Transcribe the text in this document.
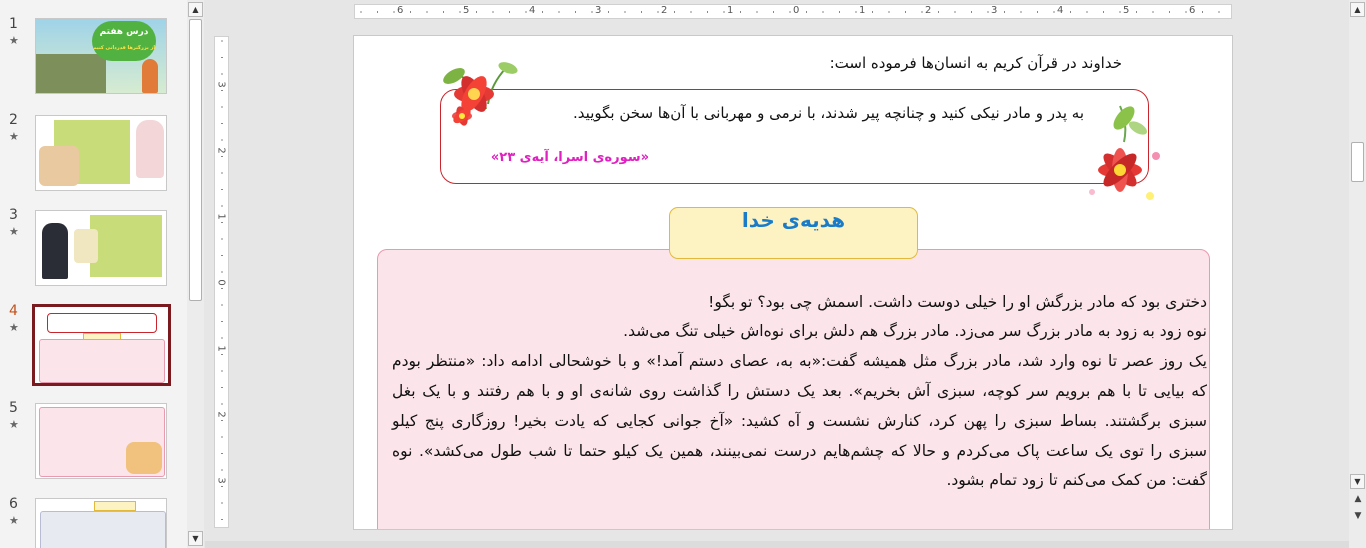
1
★
درس هفتم
از بزرگترها قدردانی کنیم
2
★
3
★
4
★
5
★
6
★
▲
▼
6	5	4	3	2	1	0	1	2	3	4	5	6
3
2
1
0
1
2
3
خداوند در قرآن کریم به انسان‌ها فرموده است:
به پدر و مادر نیکی کنید و چنانچه پیر شدند، با نرمی و مهربانی با آن‌ها سخن بگویید.
«سوره‌ی اسرا، آیه‌ی ۲۳»
هدیه‌ی خدا
دختری بود که مادر بزرگش او را خیلی دوست داشت. اسمش چی بود؟ تو بگو!
نوه زود به زود به مادر بزرگ سر می‌زد. مادر بزرگ هم دلش برای نوه‌اش خیلی تنگ می‌شد.
یک روز عصر تا نوه وارد شد، مادر بزرگ مثل همیشه گفت:«به به، عصای دستم آمد!» و با خوشحالی ادامه داد: «منتظر بودم
که بیایی تا با هم برویم سر کوچه، سبزی آش بخریم». بعد یک دستش را گذاشت روی شانه‌ی او و با هم رفتند و با یک بغل
سبزی برگشتند. بساط سبزی را پهن کرد، کنارش نشست و آه کشید: «آخ جوانی کجایی که یادت بخیر! روزگاری پنج کیلو
سبزی را توی یک ساعت پاک می‌کردم و حالا که چشم‌هایم درست نمی‌بینند، همین یک کیلو حتما تا شب طول می‌کشد». نوه
گفت: من کمک می‌کنم تا زود تمام بشود.
▲
▼
▲

▼
